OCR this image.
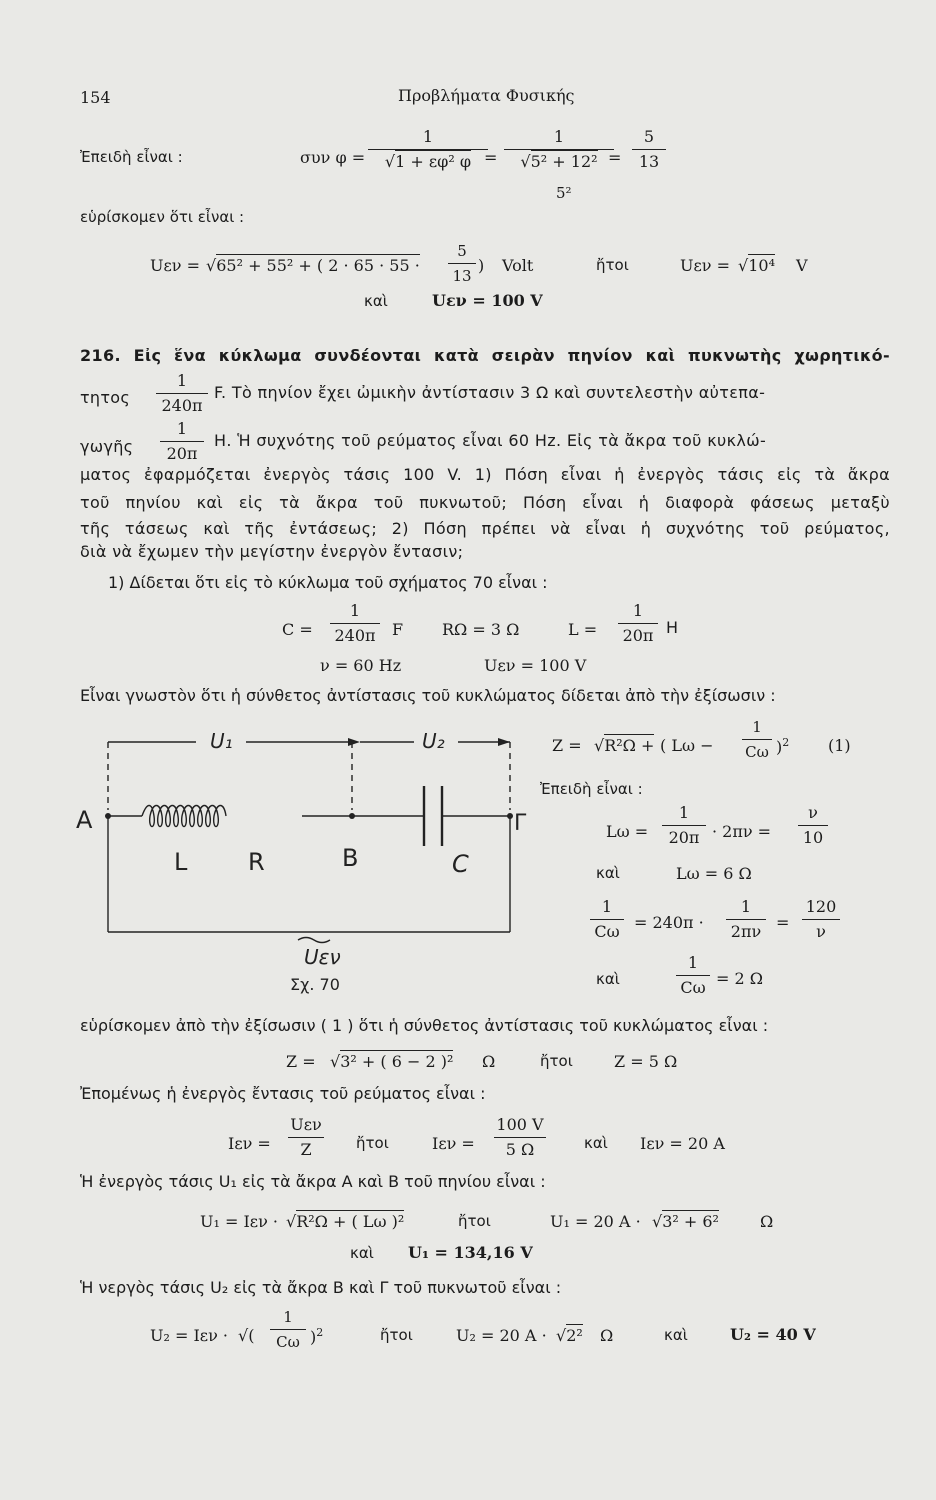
154	Προβλήματα Φυσικής
Ἐπειδὴ εἶναι :	συν $\varphi = \frac{1}{\text{√1 + εφ² φ}}$
= $\frac{1}{\text{√5² + 12²}}$
5²
= $\frac{5}{13}$
εὑρίσκομεν ὅτι εἶναι :
Uεν = √65² + 55² + ( $2 \cdot 65 \cdot 55 \cdot \frac{5}{13}$ ) Volt	ἤτοι	Uεν = √10⁴ V
καὶ	Uεν = 100 V
216. Εἰς ἕνα κύκλωμα συνδέονται κατὰ σειρὰν πηνίον καὶ πυκνωτὴς χωρητικό-
τητος $\frac{1}{240\pi} F$. Τὸ πηνίον ἔχει ὠμικὴν ἀντίστασιν 3 Ω καὶ συντελεστὴν αὐτεπα-
γωγῆς $\frac{1}{20\pi} H$. Ἡ συχνότης τοῦ ρεύματος εἶναι 60 Hz. Εἰς τὰ ἄκρα τοῦ κυκλώ-
ματος ἐφαρμόζεται ἐνεργὸς τάσις 100 V. 1) Πόση εἶναι ἡ ἐνεργὸς τάσις εἰς τὰ ἄκρα
τοῦ πηνίου καὶ εἰς τὰ ἄκρα τοῦ πυκνωτοῦ; Πόση εἶναι ἡ διαφορὰ φάσεως μεταξὺ
τῆς τάσεως καὶ τῆς ἐντάσεως; 2) Πόση πρέπει νὰ εἶναι ἡ συχνότης τοῦ ρεύματος,
διὰ νὰ ἔχωμεν τὴν μεγίστην ἐνεργὸν ἔντασιν;
1) Δίδεται ὅτι εἰς τὸ κύκλωμα τοῦ σχήματος 70 εἶναι :
$C = \frac{1}{240\pi}$ F RΩ = 3 Ω	$L = \frac{1}{20\pi}$ H
ν = 60 Hz	Uεν = 100 V
Εἶναι γνωστὸν ὅτι ἡ σύνθετος ἀντίστασις τοῦ κυκλώματος δίδεται ἀπὸ τὴν ἐξίσωσιν :
Z = √R²Ω + ( $L\omega - \frac{1}{C\omega} )^2$ (1)
Ἐπειδὴ εἶναι :
$L\omega = \frac{1}{20\pi} \cdot 2\pi\nu = \frac{\nu}{10}$
καὶ	Lω = 6 Ω
$\frac{1}{C\omega} = 240\pi \cdot \frac{1}{2\pi\nu} = \frac{120}{\nu}$
καὶ	$\frac{1}{C\omega} = 2$ Ω
U₁	U₂
A
L	R	B	C
Γ
Uεν
Σχ. 70
εὑρίσκομεν ἀπὸ τὴν ἐξίσωσιν ( 1 ) ὅτι ἡ σύνθετος ἀντίστασις τοῦ κυκλώματος εἶναι :
Z = √3² + ( 6 − 2 )² Ω	ἤτοι	Z = 5 Ω
Ἐπομένως ἡ ἐνεργὸς ἔντασις τοῦ ρεύματος εἶναι :
Iεν =
Uεν
Z	ἤτοι	$I\varepsilon\nu = \frac{100 V}{5 \Omega}$	καὶ Iεν = 20 A
Ἡ ἐνεργὸς τάσις U₁ εἰς τὰ ἄκρα Α καὶ Β τοῦ πηνίου εἶναι :
U₁ = Iεν · √R²Ω + ( Lω )²	ἤτοι	U₁ = 20 A · √3² + 6²	Ω
καὶ U₁ = 134,16 V
Ἡ νεργὸς τάσις U₂ εἰς τὰ ἄκρα Β καὶ Γ τοῦ πυκνωτοῦ εἶναι :
U₂ = Iεν · √( $\frac{1}{C\omega} )^2$	ἤτοι	U₂ = 20 A · √2² Ω	καὶ	U₂ = 40 V
